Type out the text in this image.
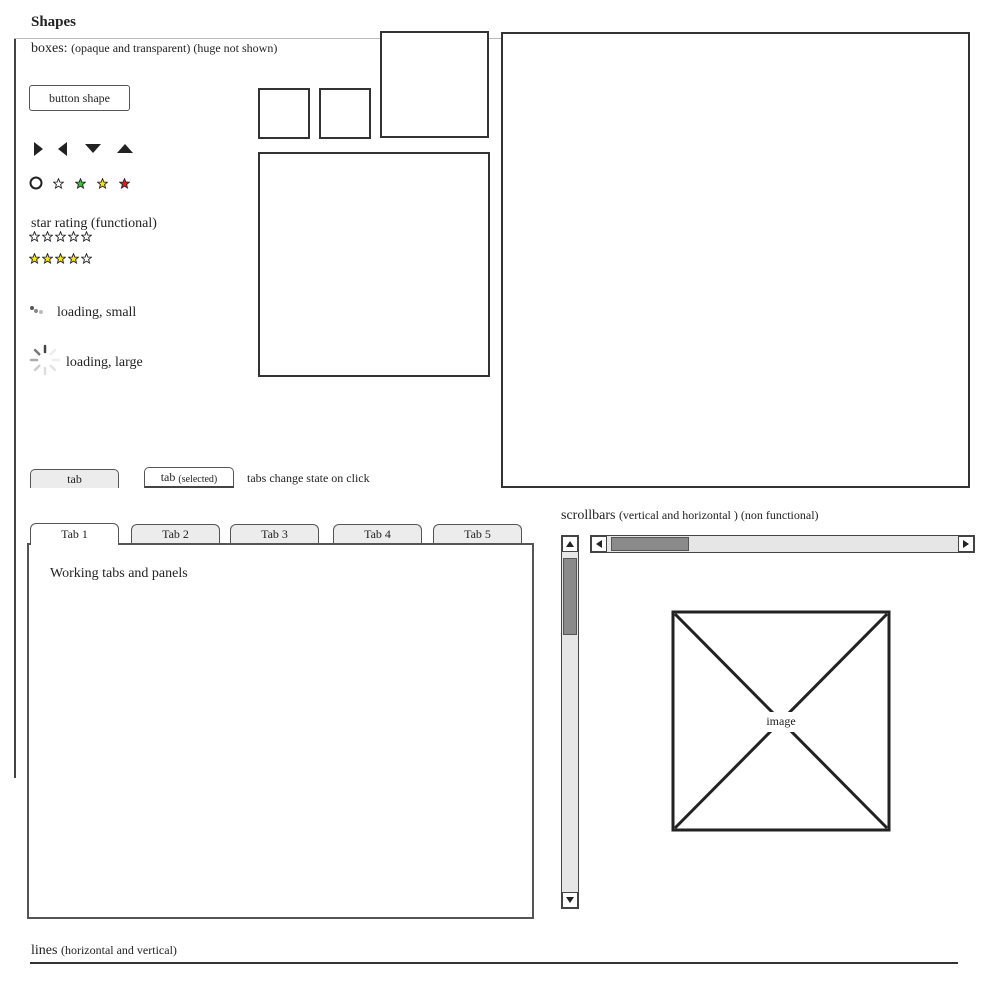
Shapes
boxes: (opaque and transparent) (huge not shown)
button shape
star rating (functional)
loading, small
loading, large
tab	tab
(selected) tabs change state on click
Tab 1	Tab 2	Tab 3	Tab 4	Tab 5
Working tabs and panels
scrollbars (vertical and horizontal ) (non functional)
image
lines (horizontal and vertical)
